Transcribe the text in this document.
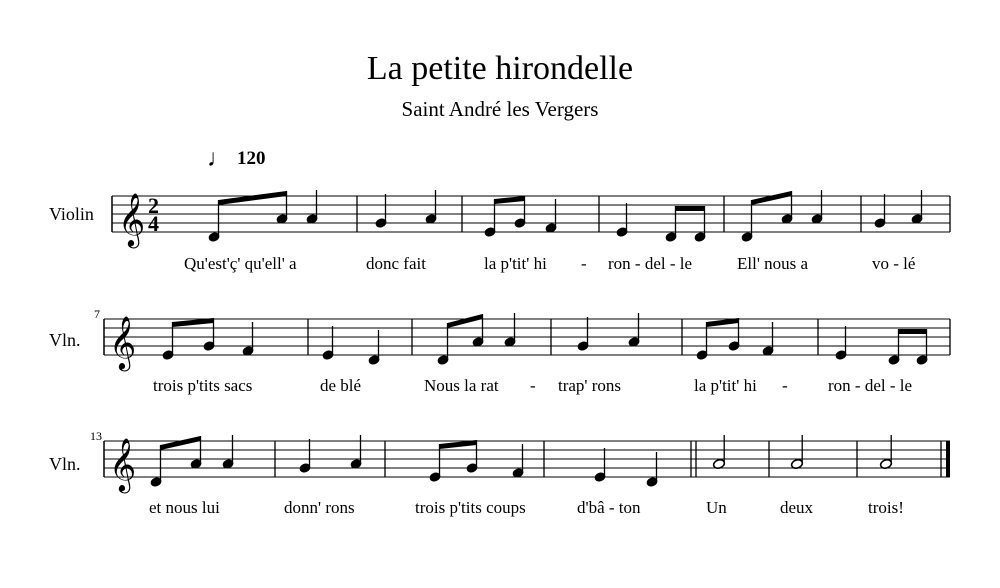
La petite hirondelle
Saint André les Vergers
♩ 120
Violin
Vln.
Vln.
7
13
Qu'est'ç' qu'ell' a	donc fait	la p'tit' hi - ron - del - le	Ell' nous a	vo - lé
trois p'tits sacs	de blé	Nous la rat - trap' rons	la p'tit' hi - ron - del - le
et nous lui	donn' rons	trois p'tits coups	d'bâ - ton	Un	deux	trois!
𝄞 2
4
𝄞
𝄞
